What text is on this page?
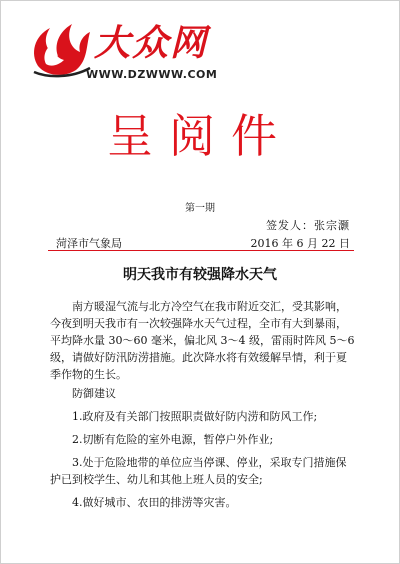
大众网
WWW.DZWWW.COM
呈阅件
第一期
签发人：张宗灏
菏泽市气象局	2016 年 6 月 22 日
明天我市有较强降水天气

南方暖湿气流与北方冷空气在我市附近交汇，受其影响，今夜到明天我市有一次较强降水天气过程，全市有大到暴雨，平均降水量 30～60 毫米，偏北风 3～4 级，雷雨时阵风 5～6 级，请做好防汛防涝措施。此次降水将有效缓解旱情，利于夏季作物的生长。

防御建议

1.政府及有关部门按照职责做好防内涝和防风工作;

2.切断有危险的室外电源，暂停户外作业;

3.处于危险地带的单位应当停课、停业，采取专门措施保护已到校学生、幼儿和其他上班人员的安全;

4.做好城市、农田的排涝等灾害。
